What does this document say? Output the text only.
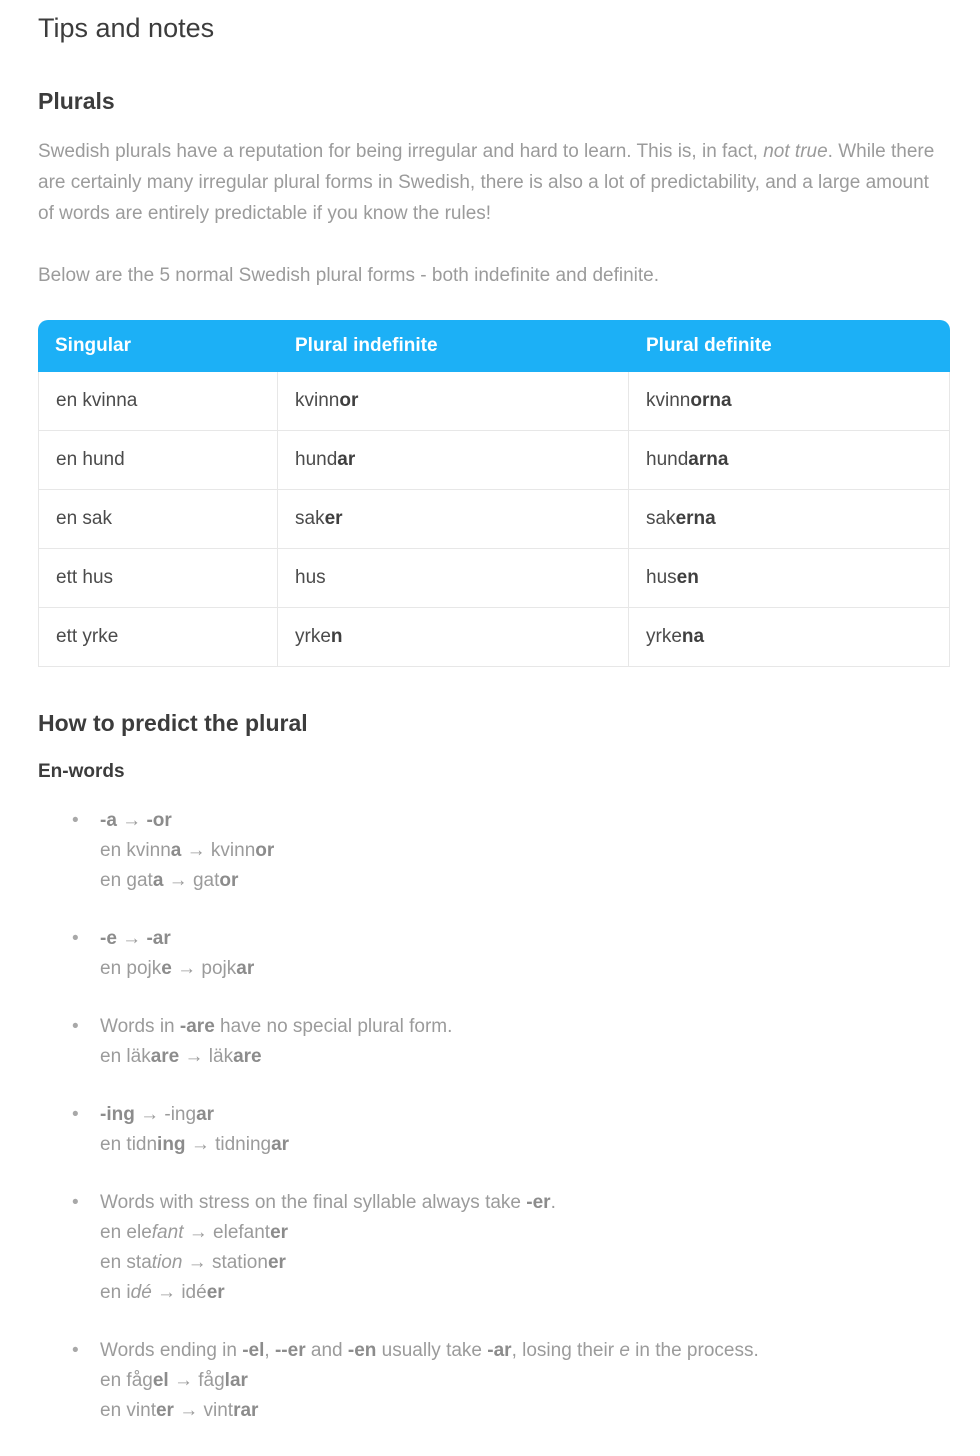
Tips and notes
Plurals

Swedish plurals have a reputation for being irregular and hard to learn. This is, in fact, not true. While there are certainly many irregular plural forms in Swedish, there is also a lot of predictability, and a large amount of words are entirely predictable if you know the rules!

Below are the 5 normal Swedish plural forms - both indefinite and definite.

Singular	Plural indefinite	Plural definite
en kvinna	kvinnor	kvinnorna
en hund	hundar	hundarna
en sak	saker	sakerna
ett hus	hus	husen
ett yrke	yrken	yrkena
How to predict the plural
En-words
• -a → -or
en kvinna → kvinnor
en gata → gator
• -e → -ar
en pojke → pojkar
• Words in -are have no special plural form.
en läkare → läkare
• -ing → -ingar
en tidning → tidningar
• Words with stress on the final syllable always take -er.
en elefant → elefanter
en station → stationer
en idé → idéer
• Words ending in -el, --er and -en usually take -ar, losing their e in the process.
en fågel → fåglar
en vinter → vintrar
